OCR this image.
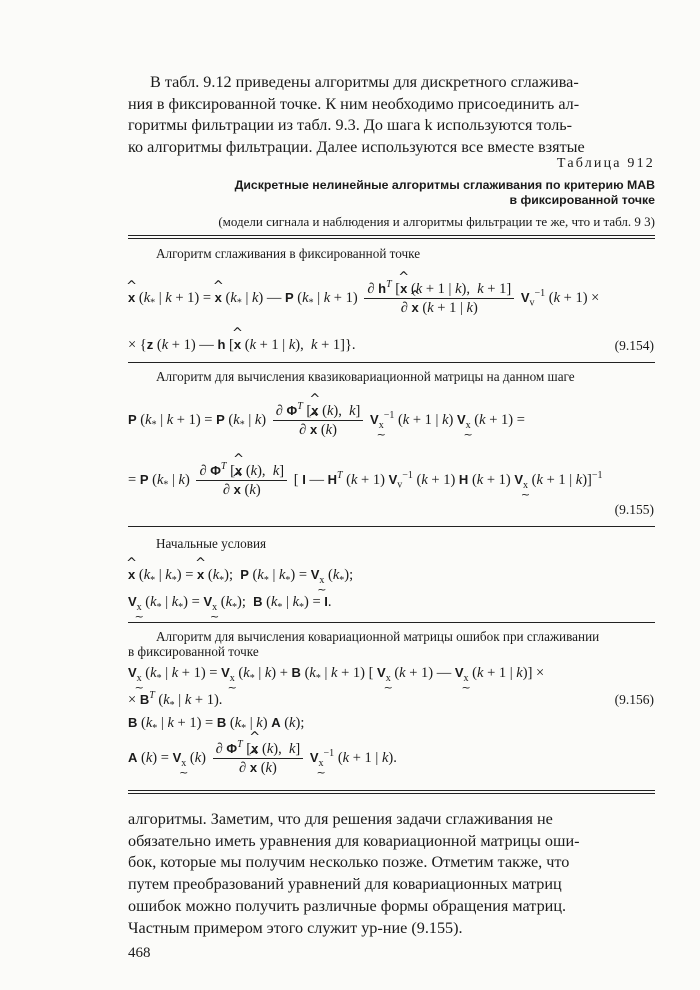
В табл. 9.12 приведены алгоритмы для дискретного сглажива-
ния в фиксированной точке. К ним необходимо присоединить ал-
горитмы фильтрации из табл. 9.3. До шага k используются толь-
ко алгоритмы фильтрации. Далее используются все вместе взятые
Таблица 912
Дискретные нелинейные алгоритмы сглаживания по критерию МАВ
в фиксированной точке
(модели сигнала и наблюдения и алгоритмы фильтрации те же, что и табл. 9 3)
Алгоритм сглаживания в фиксированной точке
^ x ($k_*$ | k + 1) = ^ x ($k_*$ | k) — P ($k_*$ | $k + 1) \frac{\partial h^T [\^{} x (k + 1 | k), k + 1]}{\partial \^{} x (k + 1 | k)} V_v^{-1}$ (k + 1) ×
× {z (k + 1) — h [^ x (k + 1 | k),  k + 1]}.	(9.154)
Алгоритм для вычисления квазиковариационной матрицы на данном шаге
P ($k_*$ | k + 1) = P ($k_*$ | $k) \frac{\partial \Phi^T [\^{} x (k), k]}{\partial \^{} x (k)} V_x^{-1}$ (k + 1 | k) $V_x$ (k + 1) =
= P ($k_*$ | $k) \frac{\partial \Phi^T [\^{} x (k), k]}{\partial \^{} x (k)}$ [ I — $H^T$ (k + 1) $V_v^{-1}$ (k + 1) H (k + 1) $V_x$ (k + 1 | k)]$^{-1}$
(9.155)
Начальные условия
^ x ($k_*$ | $k_*$) = ^ x $(k_*)$;  P ($k_*$ | $k_*) = V_x$ $(k_*)$;
$V_x$ ($k_*$ | $k_*) = V_x$ $(k_*)$;  B ($k_*$ | $k_*) = I$.
Алгоритм для вычисления ковариационной матрицы ошибок при сглаживании
в фиксированной точке
$V_x$ ($k_*$ | $k + 1) = V_x$ ($k_*$ | k) + B ($k_*$ | k + 1) [ $V_x$ (k + 1) — $V_x$ (k + 1 | k)] ×
× $B^T$ ($k_*$ | k + 1).	(9.156)
B ($k_*$ | k + 1) = B ($k_*$ | k) A (k);
A $(k) = V_x$ $(k) \frac{\partial \Phi^T [\^{} x (k), k]}{\partial \^{} x (k)} V_x^{-1}$ (k + 1 | k).
алгоритмы. Заметим, что для решения задачи сглаживания не
обязательно иметь уравнения для ковариационной матрицы оши-
бок, которые мы получим несколько позже. Отметим также, что
путем преобразований уравнений для ковариационных матриц
ошибок можно получить различные формы обращения матриц.
Частным примером этого служит ур-ние (9.155).
468
